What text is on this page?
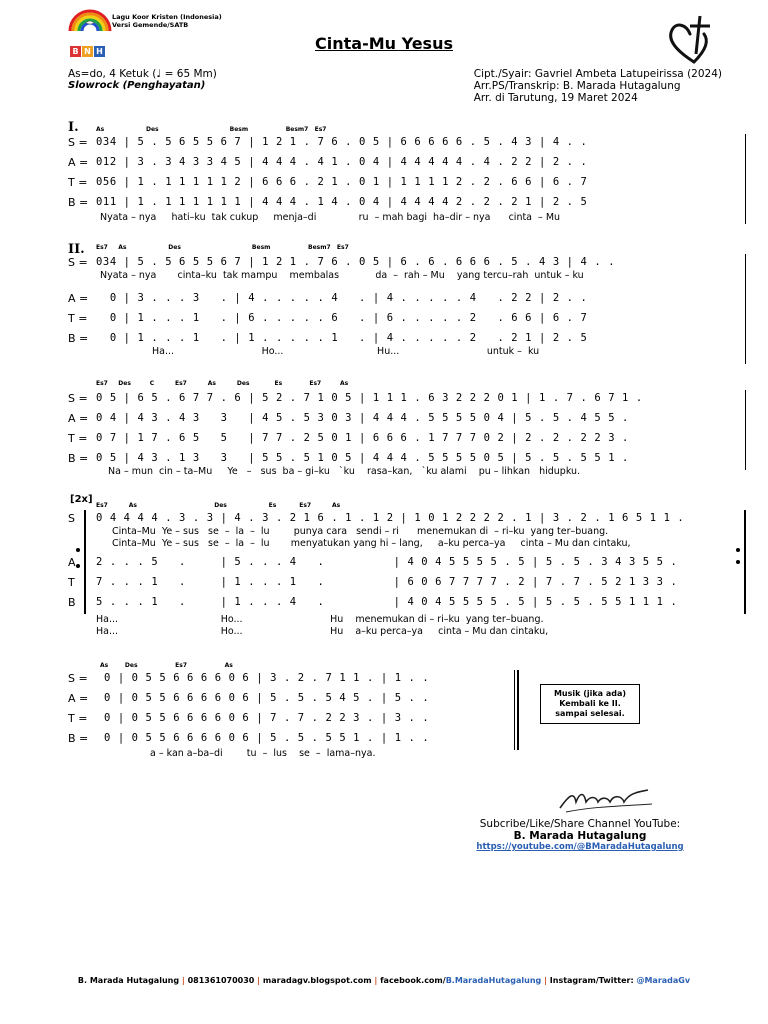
Lagu Koor Kristen (Indonesia)
Versi Gemende/SATB
B N H	Cinta-Mu Yesus
As=do, 4 Ketuk (♩ = 65 Mm)
Slowrock (Penghayatan)
Cipt./Syair: Gavriel Ambeta Latupeirissa (2024)
Arr.PS/Transkrip: B. Marada Hutagalung
Arr. di Tarutung, 19 Maret 2024
I.	As                    Des                                  Besm                  Besm7   Es7
S = 034 | 5 . 5 6 5 5 6 7 | 1 2 1 . 7 6 . 0 5 | 6 6 6 6 6 . 5 . 4 3 | 4 . .
A = 012 | 3 . 3 4 3 3 4 5 | 4 4 4 . 4 1 . 0 4 | 4 4 4 4 4 . 4 . 2 2 | 2 . .
T = 056 | 1 . 1 1 1 1 1 2 | 6 6 6 . 2 1 . 0 1 | 1 1 1 1 2 . 2 . 6 6 | 6 . 7
B = 011 | 1 . 1 1 1 1 1 1 | 4 4 4 . 1 4 . 0 4 | 4 4 4 4 2 . 2 . 2 1 | 2 . 5
Nyata – nya     hati–ku  tak cukup     menja–di              ru  – mah bagi  ha–dir – nya      cinta  – Mu
II. Es7     As                    Des                                  Besm                  Besm7   Es7
S = 034 | 5 . 5 6 5 5 6 7 | 1 2 1 . 7 6 . 0 5 | 6 . 6 . 6 6 6 . 5 . 4 3 | 4 . .
Nyata – nya       cinta–ku  tak mampu    membalas            da  –  rah – Mu    yang tercu–rah  untuk – ku
A = 0 | 3 . . . 3   . | 4 . . . . . 4   . | 4 . . . . . 4   . 2 2 | 2 . .
T = 0 | 1 . . . 1   . | 6 . . . . . 6   . | 6 . . . . . 2   . 6 6 | 6 . 7
B = 0 | 1 . . . 1   . | 1 . . . . . 1   . | 4 . . . . . 2   . 2 1 | 2 . 5
Ha...                             Ho...                               Hu...                             untuk –  ku
Es7     Des         C          Es7          As          Des            Es             Es7         As
S = 0 5 | 6 5 . 6 7 7 . 6 | 5 2 . 7 1 0 5 | 1 1 1 . 6 3 2 2 2 0 1 | 1 . 7 . 6 7 1 .
A = 0 4 | 4 3 . 4 3   3   | 4 5 . 5 3 0 3 | 4 4 4 . 5 5 5 5 0 4 | 5 . 5 . 4 5 5 .
T = 0 7 | 1 7 . 6 5   5   | 7 7 . 2 5 0 1 | 6 6 6 . 1 7 7 7 0 2 | 2 . 2 . 2 2 3 .
B = 0 5 | 4 3 . 1 3   3   | 5 5 . 5 1 0 5 | 4 4 4 . 5 5 5 5 0 5 | 5 . 5 . 5 5 1 .
Na – mun  cin – ta–Mu     Ye   –   sus  ba – gi–ku   `ku    rasa–kan,   `ku alami    pu – lihkan   hidupku.
[2x]
Es7          As                                     Des                    Es           Es7          As
S 0 4 4 4 4 . 3 . 3 | 4 . 3 . 2 1 6 . 1 . 1 2 | 1 0 1 2 2 2 2 . 1 | 3 . 2 . 1 6 5 1 1 .
Cinta–Mu  Ye – sus   se  –  la  –  lu        punya cara   sendi – ri      menemukan di  – ri–ku  yang ter–buang.
Cinta–Mu  Ye – sus   se  –  la  –  lu       menyatukan yang hi – lang,     a–ku perca–ya     cinta – Mu dan cintaku,
A 2 . . . 5   .     | 5 . . . 4   .          | 4 0 4 5 5 5 5 . 5 | 5 . 5 . 3 4 3 5 5 .
T 7 . . . 1   .     | 1 . . . 1   .          | 6 0 6 7 7 7 7 . 2 | 7 . 7 . 5 2 1 3 3 .
B 5 . . . 1   .     | 1 . . . 4   .          | 4 0 4 5 5 5 5 . 5 | 5 . 5 . 5 5 1 1 1 .
Ha...                                  Ho...                             Hu    menemukan di – ri–ku  yang ter–buang.
Ha...                                  Ho...                             Hu    a–ku perca–ya     cinta – Mu dan cintaku,
As        Des                  Es7                  As
S = 0 | 0 5 5 6 6 6 6 0 6 | 3 . 2 . 7 1 1 . | 1 . .
A = 0 | 0 5 5 6 6 6 6 0 6 | 5 . 5 . 5 4 5 . | 5 . .
T = 0 | 0 5 5 6 6 6 6 0 6 | 7 . 7 . 2 2 3 . | 3 . .
B = 0 | 0 5 5 6 6 6 6 0 6 | 5 . 5 . 5 5 1 . | 1 . .
a – kan a–ba–di        tu  –  lus    se  –  lama–nya.
Musik (jika ada)
Kembali ke II.
sampai selesai.
Subcribe/Like/Share Channel YouTube:
B. Marada Hutagalung
https://youtube.com/@BMaradaHutagalung
B. Marada Hutagalung | 081361070030 | maradagv.blogspot.com | facebook.com/B.MaradaHutagalung | Instagram/Twitter: @MaradaGv
